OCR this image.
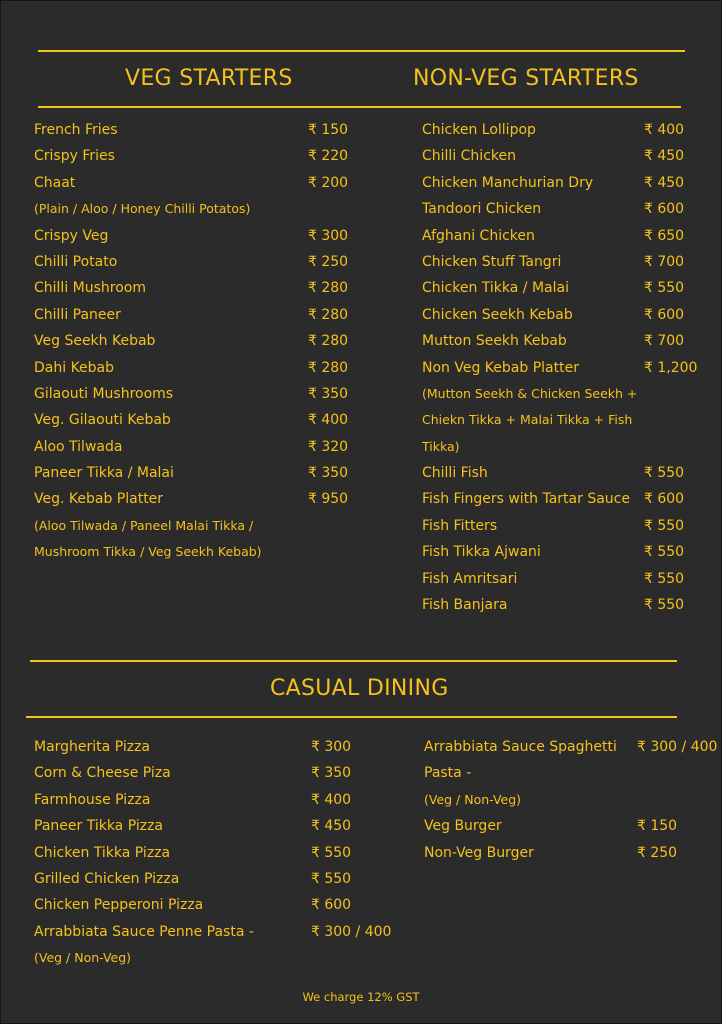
VEG STARTERS	NON-VEG STARTERS
French Fries	₹ 150
Crispy Fries	₹ 220
Chaat	₹ 200
(Plain / Aloo / Honey Chilli Potatos)
Crispy Veg	₹ 300
Chilli Potato	₹ 250
Chilli Mushroom	₹ 280
Chilli Paneer	₹ 280
Veg Seekh Kebab	₹ 280
Dahi Kebab	₹ 280
Gilaouti Mushrooms	₹ 350
Veg. Gilaouti Kebab	₹ 400
Aloo Tilwada	₹ 320
Paneer Tikka / Malai	₹ 350
Veg. Kebab Platter	₹ 950
(Aloo Tilwada / Paneel Malai Tikka /
Mushroom Tikka / Veg Seekh Kebab)
Chicken Lollipop	₹ 400
Chilli Chicken	₹ 450
Chicken Manchurian Dry	₹ 450
Tandoori Chicken	₹ 600
Afghani Chicken	₹ 650
Chicken Stuff Tangri	₹ 700
Chicken Tikka / Malai	₹ 550
Chicken Seekh Kebab	₹ 600
Mutton Seekh Kebab	₹ 700
Non Veg Kebab Platter	₹ 1,200
(Mutton Seekh & Chicken Seekh +
Chiekn Tikka + Malai Tikka + Fish
Tikka)
Chilli Fish	₹ 550
Fish Fingers with Tartar Sauce ₹ 600
Fish Fitters	₹ 550
Fish Tikka Ajwani	₹ 550
Fish Amritsari	₹ 550
Fish Banjara	₹ 550
CASUAL DINING
Margherita Pizza	₹ 300
Corn & Cheese Piza	₹ 350
Farmhouse Pizza	₹ 400
Paneer Tikka Pizza	₹ 450
Chicken Tikka Pizza	₹ 550
Grilled Chicken Pizza	₹ 550
Chicken Pepperoni Pizza	₹ 600
Arrabbiata Sauce Penne Pasta -	₹ 300 / 400
(Veg / Non-Veg)
Arrabbiata Sauce Spaghetti ₹ 300 / 400
Pasta -
(Veg / Non-Veg)
Veg Burger	₹ 150
Non-Veg Burger	₹ 250
We charge 12% GST
